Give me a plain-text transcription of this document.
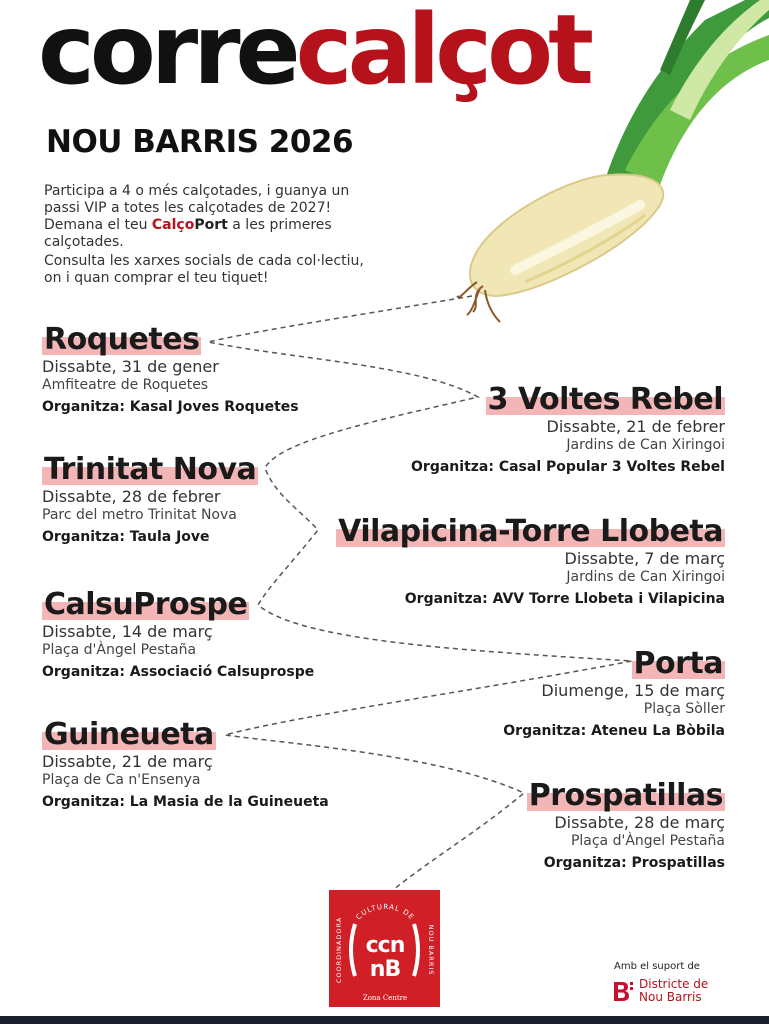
correcalçot
NOU BARRIS 2026
Participa a 4 o més calçotades, i guanya un passi VIP a totes les calçotades de 2027! Demana el teu CalçoPort a les primeres calçotades.
Consulta les xarxes socials de cada col·lectiu, on i quan comprar el teu tiquet!
Roquetes
Dissabte, 31 de gener
Amfiteatre de Roquetes
Organitza: Kasal Joves Roquetes	3 Voltes Rebel
Dissabte, 21 de febrer
Jardins de Can Xiringoi
Organitza: Casal Popular 3 Voltes Rebel
Trinitat Nova
Dissabte, 28 de febrer
Parc del metro Trinitat Nova
Organitza: Taula Jove	Vilapicina-Torre Llobeta
Dissabte, 7 de març
Jardins de Can Xiringoi
Organitza: AVV Torre Llobeta i Vilapicina
CalsuProspe
Dissabte, 14 de març
Plaça d'Àngel Pestaña
Organitza: Associació Calsuprospe	Porta
Diumenge, 15 de març
Plaça Sòller
Organitza: Ateneu La Bòbila
Guineueta
Dissabte, 21 de març
Plaça de Ca n'Ensenya
Organitza: La Masia de la Guineueta	Prospatillas
Dissabte, 28 de març
Plaça d'Àngel Pestaña
Organitza: Prospatillas
CULTURAL DE
COORDINADORA	NOU BARRIS
ccn
nB
Zona Centre
Amb el suport de
Districte de
Nou Barris
